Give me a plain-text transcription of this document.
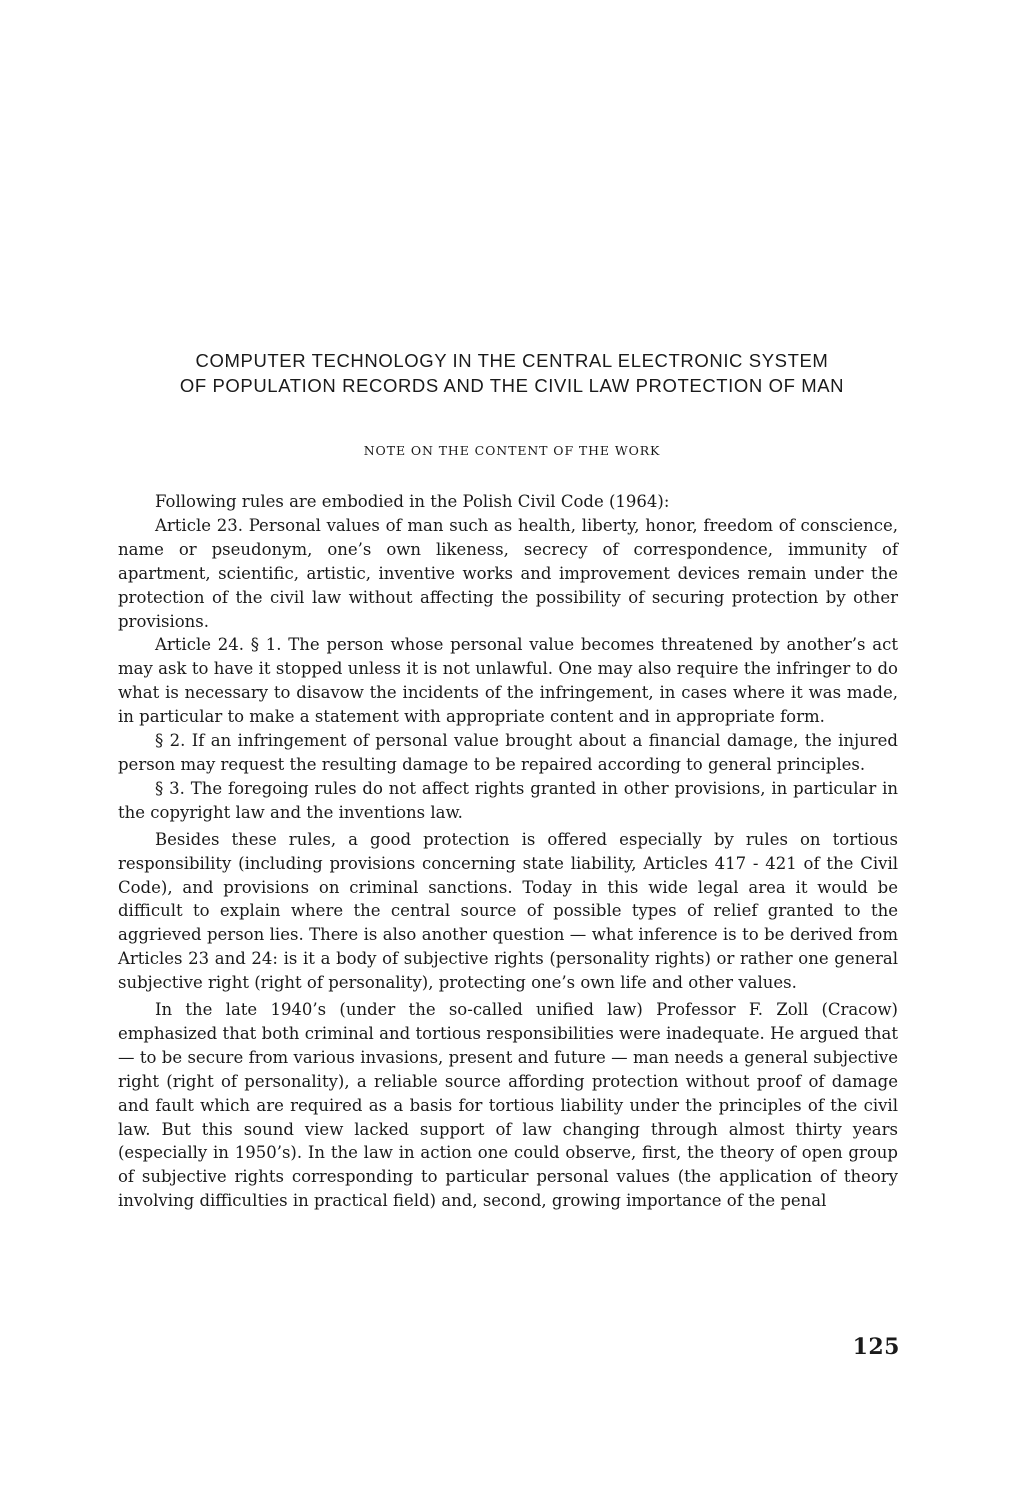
COMPUTER TECHNOLOGY IN THE CENTRAL ELECTRONIC SYSTEM
OF POPULATION RECORDS AND THE CIVIL LAW PROTECTION OF MAN
NOTE ON THE CONTENT OF THE WORK

Following rules are embodied in the Polish Civil Code (1964):

Article 23. Personal values of man such as health, liberty, honor, freedom of conscience, name or pseudonym, one’s own likeness, secrecy of correspondence, immunity of apartment, scientific, artistic, inventive works and improvement devices remain under the protection of the civil law without affecting the possibility of securing protection by other provisions.

Article 24. § 1. The person whose personal value becomes threatened by another’s act may ask to have it stopped unless it is not unlawful. One may also require the infringer to do what is necessary to disavow the incidents of the infringement, in cases where it was made, in particular to make a statement with appropriate content and in appropriate form.

§ 2. If an infringement of personal value brought about a financial damage, the injured person may request the resulting damage to be repaired according to general principles.

§ 3. The foregoing rules do not affect rights granted in other provisions, in particular in the copyright law and the inventions law.

Besides these rules, a good protection is offered especially by rules on tortious responsibility (including provisions concerning state liability, Articles 417 - 421 of the Civil Code), and provisions on criminal sanctions. Today in this wide legal area it would be difficult to explain where the central source of possible types of relief granted to the aggrieved person lies. There is also another question — what inference is to be derived from Articles 23 and 24: is it a body of subjective rights (personality rights) or rather one general subjective right (right of personality), protecting one’s own life and other values.

In the late 1940’s (under the so-called unified law) Professor F. Zoll (Cracow) emphasized that both criminal and tortious responsibilities were inadequate. He argued that — to be secure from various invasions, present and future — man needs a general subjective right (right of personality), a reliable source affording protection without proof of damage and fault which are required as a basis for tortious liability under the principles of the civil law. But this sound view lacked support of law changing through almost thirty years (especially in 1950’s). In the law in action one could observe, first, the theory of open group of subjective rights corresponding to particular personal values (the application of theory involving difficulties in practical field) and, second, growing importance of the penal

125
